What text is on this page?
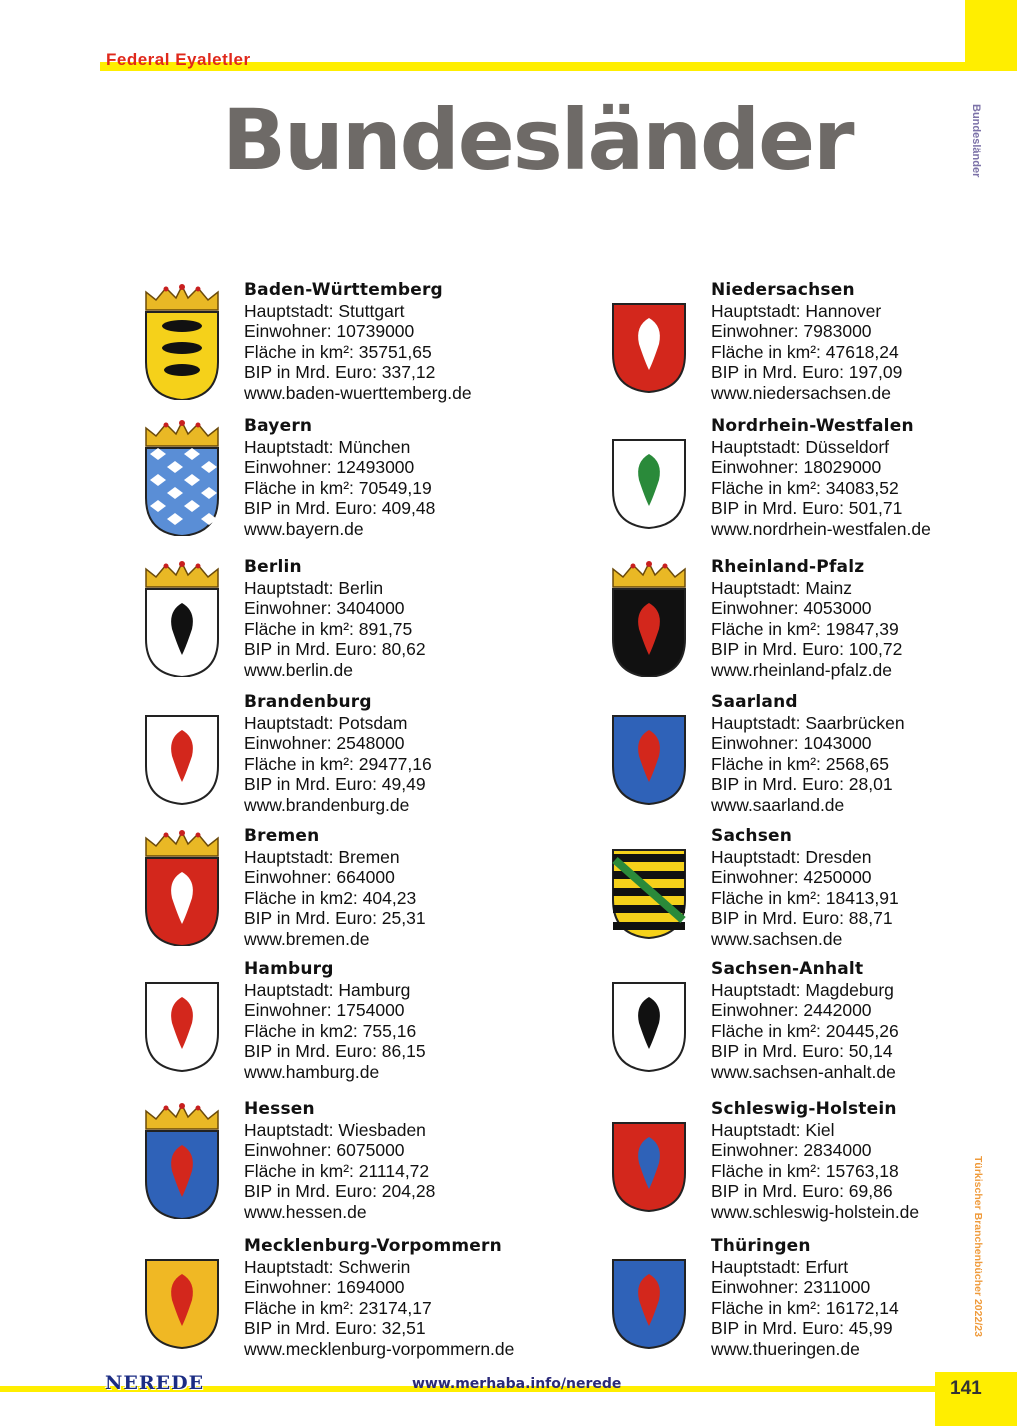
Federal Eyaletler
Bundesländer	Bundesländer
Türkischer Branchenbücher 2022/23
Baden-Württemberg
Hauptstadt: Stuttgart
Einwohner: 10739000
Fläche in km²: 35751,65
BIP in Mrd. Euro: 337,12
www.baden-wuerttemberg.de
Bayern
Hauptstadt: München
Einwohner: 12493000
Fläche in km²: 70549,19
BIP in Mrd. Euro: 409,48
www.bayern.de
Berlin
Hauptstadt: Berlin
Einwohner: 3404000
Fläche in km²: 891,75
BIP in Mrd. Euro: 80,62
www.berlin.de
Brandenburg
Hauptstadt: Potsdam
Einwohner: 2548000
Fläche in km²: 29477,16
BIP in Mrd. Euro: 49,49
www.brandenburg.de
Bremen
Hauptstadt: Bremen
Einwohner: 664000
Fläche in km2: 404,23
BIP in Mrd. Euro: 25,31
www.bremen.de
Hamburg
Hauptstadt: Hamburg
Einwohner: 1754000
Fläche in km2: 755,16
BIP in Mrd. Euro: 86,15
www.hamburg.de
Hessen
Hauptstadt: Wiesbaden
Einwohner: 6075000
Fläche in km²: 21114,72
BIP in Mrd. Euro: 204,28
www.hessen.de
Mecklenburg-Vorpommern
Hauptstadt: Schwerin
Einwohner: 1694000
Fläche in km²: 23174,17
BIP in Mrd. Euro: 32,51
www.mecklenburg-vorpommern.de
Niedersachsen
Hauptstadt: Hannover
Einwohner: 7983000
Fläche in km²: 47618,24
BIP in Mrd. Euro: 197,09
www.niedersachsen.de
Nordrhein-Westfalen
Hauptstadt: Düsseldorf
Einwohner: 18029000
Fläche in km²: 34083,52
BIP in Mrd. Euro: 501,71
www.nordrhein-westfalen.de
Rheinland-Pfalz
Hauptstadt: Mainz
Einwohner: 4053000
Fläche in km²: 19847,39
BIP in Mrd. Euro: 100,72
www.rheinland-pfalz.de
Saarland
Hauptstadt: Saarbrücken
Einwohner: 1043000
Fläche in km²: 2568,65
BIP in Mrd. Euro: 28,01
www.saarland.de
Sachsen
Hauptstadt: Dresden
Einwohner: 4250000
Fläche in km²: 18413,91
BIP in Mrd. Euro: 88,71
www.sachsen.de
Sachsen-Anhalt
Hauptstadt: Magdeburg
Einwohner: 2442000
Fläche in km²: 20445,26
BIP in Mrd. Euro: 50,14
www.sachsen-anhalt.de
Schleswig-Holstein
Hauptstadt: Kiel
Einwohner: 2834000
Fläche in km²: 15763,18
BIP in Mrd. Euro: 69,86
www.schleswig-holstein.de
Thüringen
Hauptstadt: Erfurt
Einwohner: 2311000
Fläche in km²: 16172,14
BIP in Mrd. Euro: 45,99
www.thueringen.de
NEREDE	www.merhaba.info/nerede	141
